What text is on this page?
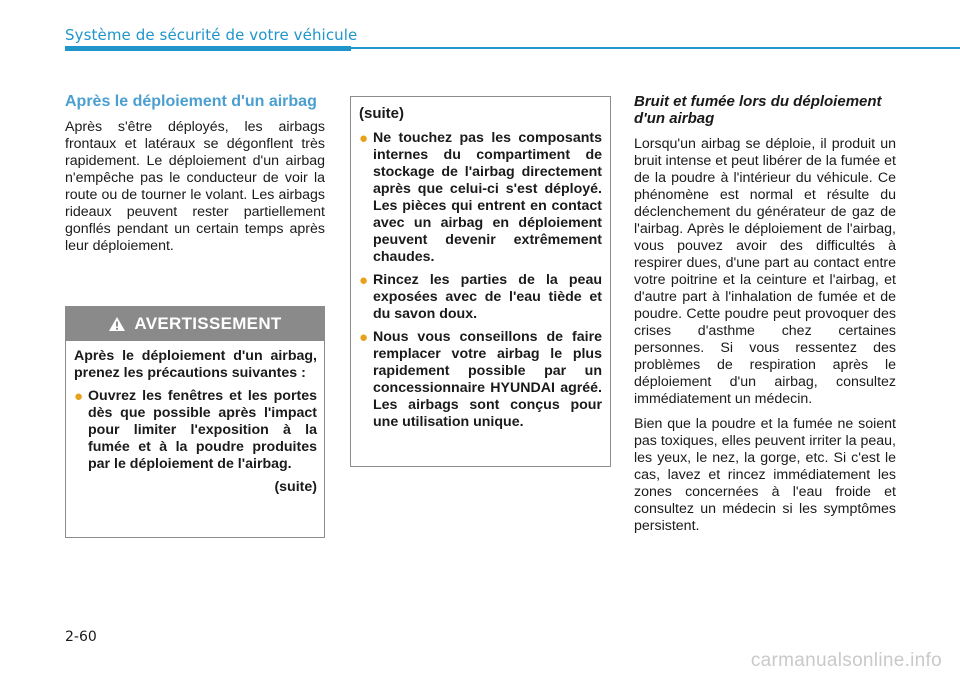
Système de sécurité de votre véhicule
Après le déploiement d'un airbag

Après s'être déployés, les airbags frontaux et latéraux se dégonflent très rapidement. Le déploiement d'un airbag n'empêche pas le conducteur de voir la route ou de tourner le volant. Les airbags rideaux peuvent rester partiellement gonflés pendant un certain temps après leur déploiement.

AVERTISSEMENT

Après le déploiement d'un airbag, prenez les précautions suivantes :

● Ouvrez les fenêtres et les portes dès que possible après l'impact pour limiter l'exposition à la fumée et à la poudre produites par le déploiement de l'airbag.
(suite)
(suite)
● Ne touchez pas les composants internes du compartiment de stockage de l'airbag directement après que celui-ci s'est déployé. Les pièces qui entrent en contact avec un airbag en déploiement peuvent devenir extrêmement chaudes.
● Rincez les parties de la peau exposées avec de l'eau tiède et du savon doux.
● Nous vous conseillons de faire remplacer votre airbag le plus rapidement possible par un concessionnaire HYUNDAI agréé. Les airbags sont conçus pour une utilisation unique.
Bruit et fumée lors du déploiement d'un airbag

Lorsqu'un airbag se déploie, il produit un bruit intense et peut libérer de la fumée et de la poudre à l'intérieur du véhicule. Ce phénomène est normal et résulte du déclenchement du générateur de gaz de l'airbag. Après le déploiement de l'airbag, vous pouvez avoir des difficultés à respirer dues, d'une part au contact entre votre poitrine et la ceinture et l'airbag, et d'autre part à l'inhalation de fumée et de poudre. Cette poudre peut provoquer des crises d'asthme chez certaines personnes. Si vous ressentez des problèmes de respiration après le déploiement d'un airbag, consultez immédiatement un médecin.

Bien que la poudre et la fumée ne soient pas toxiques, elles peuvent irriter la peau, les yeux, le nez, la gorge, etc. Si c'est le cas, lavez et rincez immédiatement les zones concernées à l'eau froide et consultez un médecin si les symptômes persistent.

2-60
carmanualsonline.info
